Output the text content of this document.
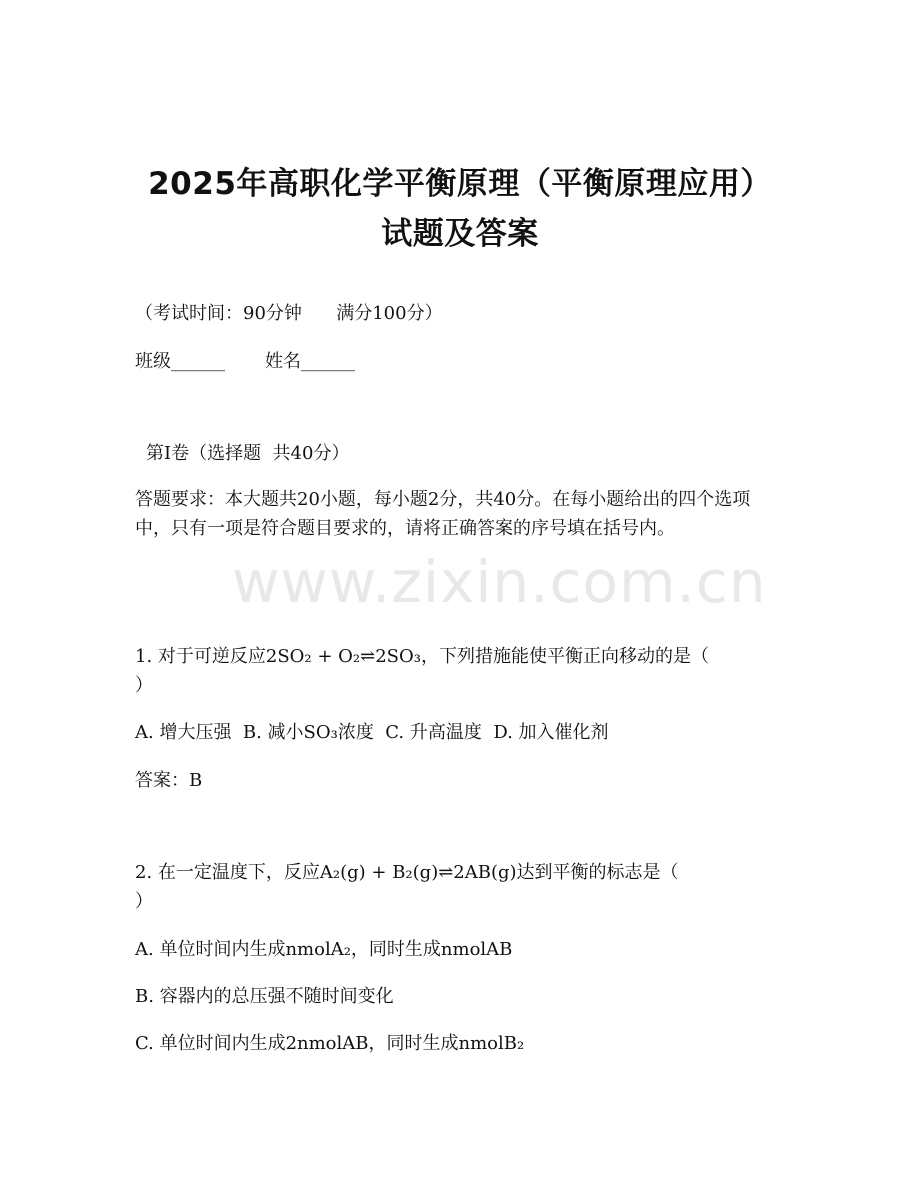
2025年高职化学平衡原理（平衡原理应用）
试题及答案
（考试时间：90分钟      满分100分）
班级______       姓名______
第Ⅰ卷（选择题  共40分）
答题要求：本大题共20小题，每小题2分，共40分。在每小题给出的四个选项中，只有一项是符合题目要求的，请将正确答案的序号填在括号内。
www.zixin.com.cn
1. 对于可逆反应2SO₂ + O₂⇌2SO₃，下列措施能使平衡正向移动的是（
）
A. 增大压强  B. 减小SO₃浓度  C. 升高温度  D. 加入催化剂
答案：B
2. 在一定温度下，反应A₂(g) + B₂(g)⇌2AB(g)达到平衡的标志是（
）
A. 单位时间内生成nmolA₂，同时生成nmolAB
B. 容器内的总压强不随时间变化
C. 单位时间内生成2nmolAB，同时生成nmolB₂
